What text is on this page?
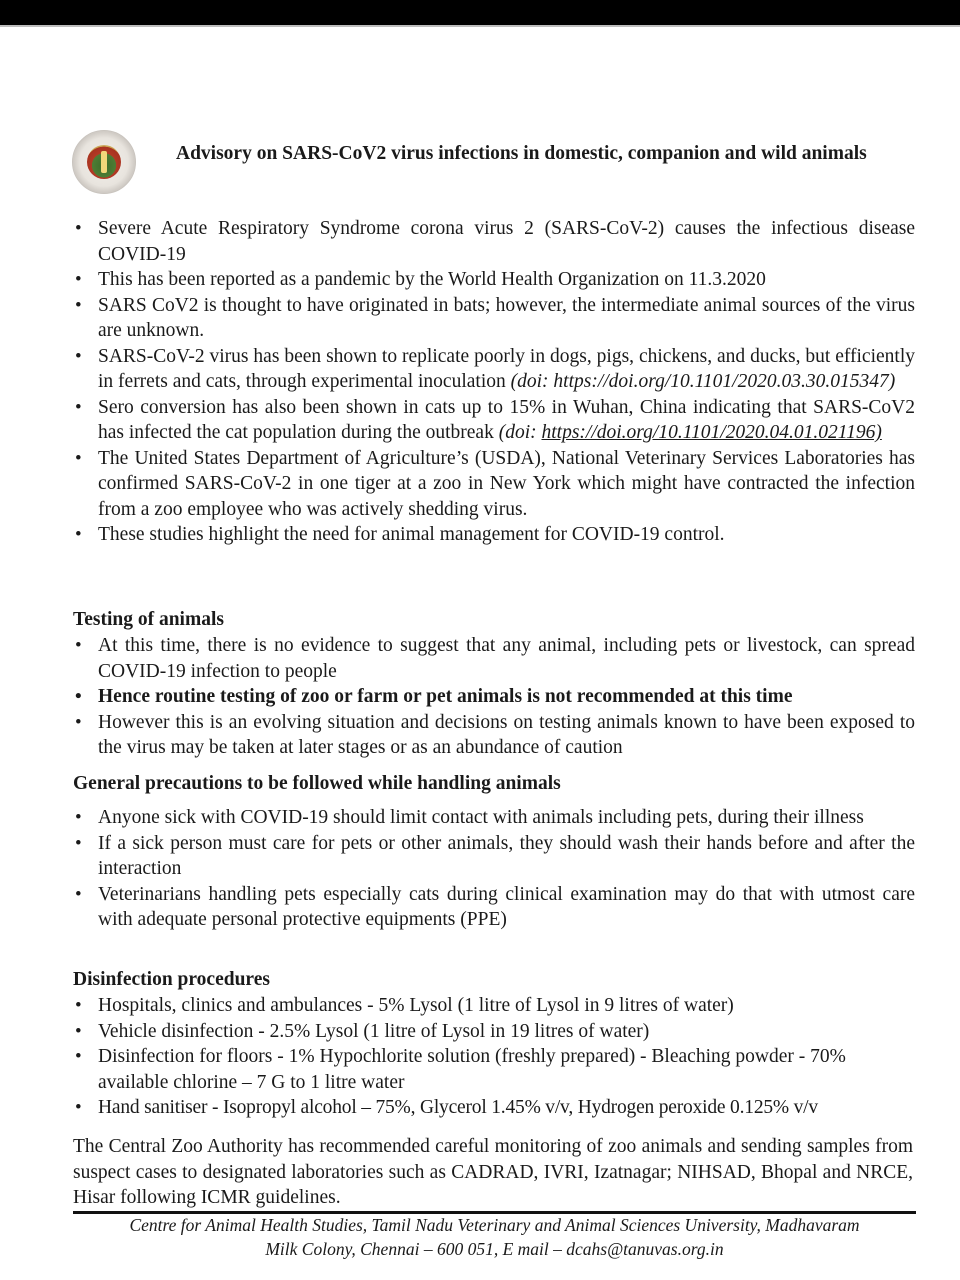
Advisory on SARS-CoV2 virus infections in domestic, companion and wild animals
• Severe Acute Respiratory Syndrome corona virus 2 (SARS-CoV-2) causes the infectious disease COVID-19
• This has been reported as a pandemic by the World Health Organization on 11.3.2020
• SARS CoV2 is thought to have originated in bats; however, the intermediate animal sources of the virus are unknown.
• SARS-CoV-2 virus has been shown to replicate poorly in dogs, pigs, chickens, and ducks, but efficiently in ferrets and cats, through experimental inoculation (doi: https://doi.org/10.1101/2020.03.30.015347)
• Sero conversion has also been shown in cats up to 15% in Wuhan, China indicating that SARS-CoV2 has infected the cat population during the outbreak (doi: https://doi.org/10.1101/2020.04.01.021196)
• The United States Department of Agriculture’s (USDA), National Veterinary Services Laboratories has confirmed SARS-CoV-2 in one tiger at a zoo in New York which might have contracted the infection from a zoo employee who was actively shedding virus.
• These studies highlight the need for animal management for COVID-19 control.
Testing of animals
• At this time, there is no evidence to suggest that any animal, including pets or livestock, can spread COVID-19 infection to people
• Hence routine testing of zoo or farm or pet animals is not recommended at this time
• However this is an evolving situation and decisions on testing animals known to have been exposed to the virus may be taken at later stages or as an abundance of caution
General precautions to be followed while handling animals
• Anyone sick with COVID-19 should limit contact with animals including pets, during their illness
• If a sick person must care for pets or other animals, they should wash their hands before and after the interaction
• Veterinarians handling pets especially cats during clinical examination may do that with utmost care with adequate personal protective equipments (PPE)
Disinfection procedures
• Hospitals, clinics and ambulances - 5% Lysol (1 litre of Lysol in 9 litres of water)
• Vehicle disinfection - 2.5% Lysol (1 litre of Lysol in 19 litres of water)
• Disinfection for floors - 1% Hypochlorite solution (freshly prepared) - Bleaching powder - 70% available chlorine – 7 G to 1 litre water
• Hand sanitiser - Isopropyl alcohol – 75%, Glycerol 1.45% v/v, Hydrogen peroxide 0.125% v/v
The Central Zoo Authority has recommended careful monitoring of zoo animals and sending samples from suspect cases to designated laboratories such as CADRAD, IVRI, Izatnagar; NIHSAD, Bhopal and NRCE, Hisar following ICMR guidelines.
Centre for Animal Health Studies, Tamil Nadu Veterinary and Animal Sciences University, Madhavaram
Milk Colony, Chennai – 600 051, E mail – dcahs@tanuvas.org.in
